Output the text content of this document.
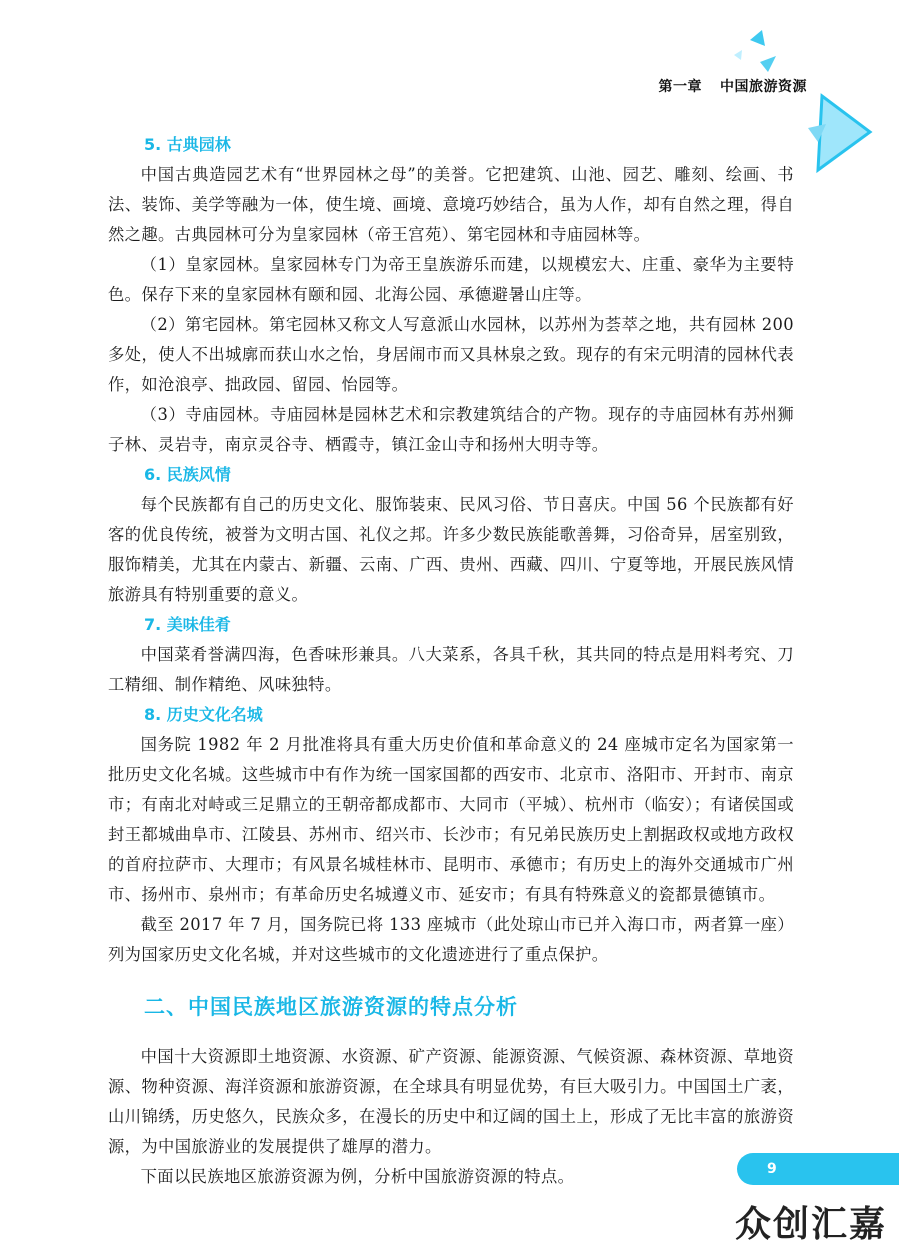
第一章 中国旅游资源
5. 古典园林

中国古典造园艺术有“世界园林之母”的美誉。它把建筑、山池、园艺、雕刻、绘画、书法、装饰、美学等融为一体，使生境、画境、意境巧妙结合，虽为人作，却有自然之理，得自然之趣。古典园林可分为皇家园林（帝王宫苑）、第宅园林和寺庙园林等。

（1）皇家园林。皇家园林专门为帝王皇族游乐而建，以规模宏大、庄重、豪华为主要特色。保存下来的皇家园林有颐和园、北海公园、承德避暑山庄等。

（2）第宅园林。第宅园林又称文人写意派山水园林，以苏州为荟萃之地，共有园林 200 多处，使人不出城廓而获山水之怡，身居闹市而又具林泉之致。现存的有宋元明清的园林代表作，如沧浪亭、拙政园、留园、怡园等。

（3）寺庙园林。寺庙园林是园林艺术和宗教建筑结合的产物。现存的寺庙园林有苏州狮子林、灵岩寺，南京灵谷寺、栖霞寺，镇江金山寺和扬州大明寺等。

6. 民族风情

每个民族都有自己的历史文化、服饰装束、民风习俗、节日喜庆。中国 56 个民族都有好客的优良传统，被誉为文明古国、礼仪之邦。许多少数民族能歌善舞，习俗奇异，居室别致，服饰精美，尤其在内蒙古、新疆、云南、广西、贵州、西藏、四川、宁夏等地，开展民族风情旅游具有特别重要的意义。

7. 美味佳肴

中国菜肴誉满四海，色香味形兼具。八大菜系，各具千秋，其共同的特点是用料考究、刀工精细、制作精绝、风味独特。

8. 历史文化名城

国务院 1982 年 2 月批准将具有重大历史价值和革命意义的 24 座城市定名为国家第一批历史文化名城。这些城市中有作为统一国家国都的西安市、北京市、洛阳市、开封市、南京市；有南北对峙或三足鼎立的王朝帝都成都市、大同市（平城）、杭州市（临安）；有诸侯国或封王都城曲阜市、江陵县、苏州市、绍兴市、长沙市；有兄弟民族历史上割据政权或地方政权的首府拉萨市、大理市；有风景名城桂林市、昆明市、承德市；有历史上的海外交通城市广州市、扬州市、泉州市；有革命历史名城遵义市、延安市；有具有特殊意义的瓷都景德镇市。

截至 2017 年 7 月，国务院已将 133 座城市（此处琼山市已并入海口市，两者算一座）列为国家历史文化名城，并对这些城市的文化遗迹进行了重点保护。

二、中国民族地区旅游资源的特点分析

中国十大资源即土地资源、水资源、矿产资源、能源资源、气候资源、森林资源、草地资源、物种资源、海洋资源和旅游资源，在全球具有明显优势，有巨大吸引力。中国国土广袤，山川锦绣，历史悠久，民族众多，在漫长的历史中和辽阔的国土上，形成了无比丰富的旅游资源，为中国旅游业的发展提供了雄厚的潜力。

下面以民族地区旅游资源为例，分析中国旅游资源的特点。	9
众创汇嘉
